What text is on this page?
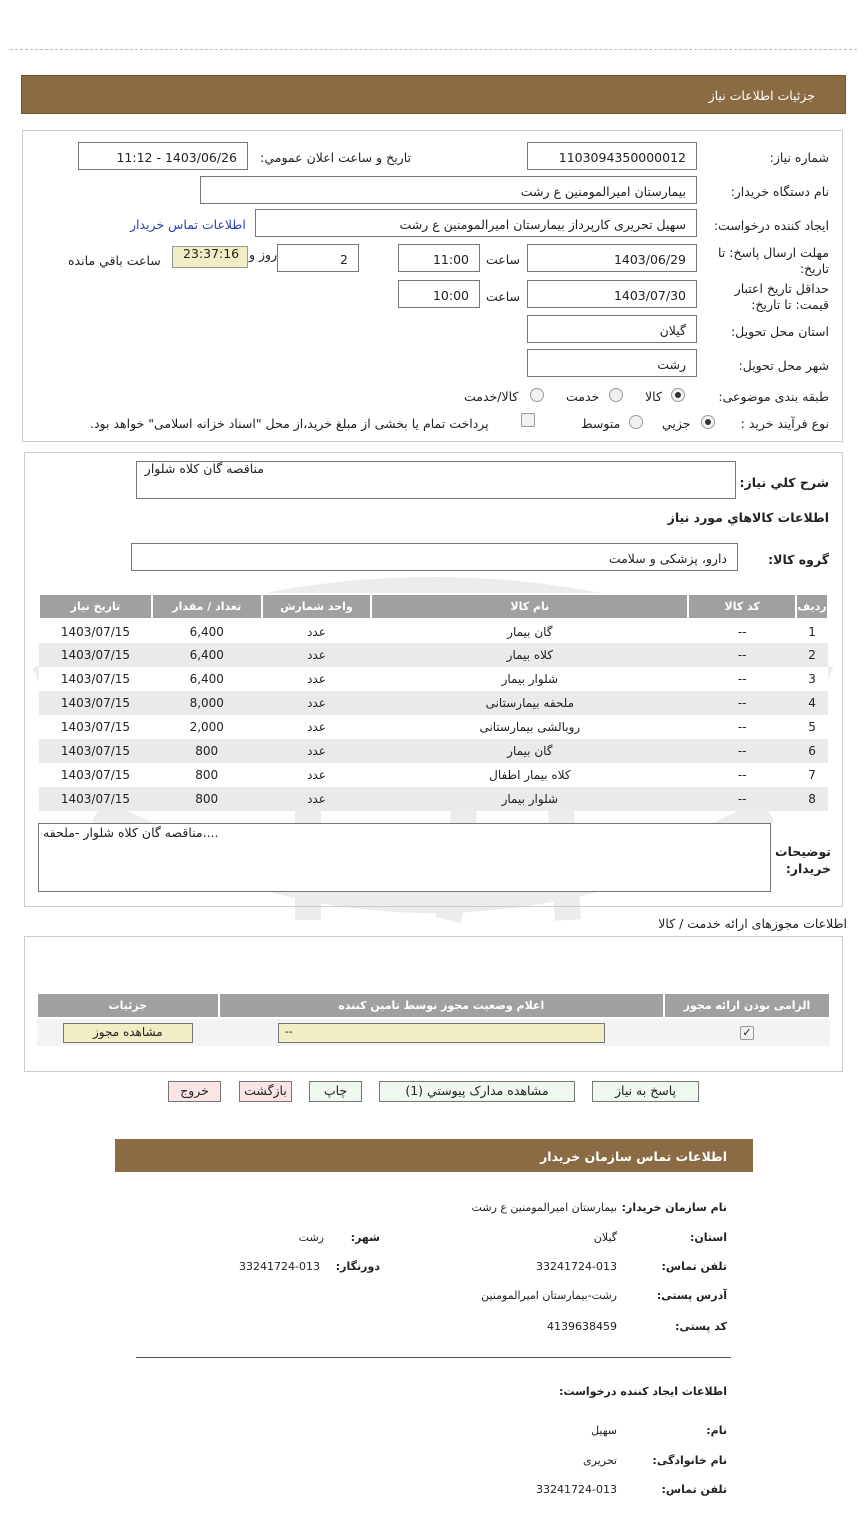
جزئیات اطلاعات نیاز
شماره نیاز:
1103094350000012
تاريخ و ساعت اعلان عمومي:
1403/06/26 - 11:12
نام دستگاه خريدار:
بیمارستان امیرالمومنین ع رشت
ايجاد کننده درخواست:
سهیل تحریری کارپرداز بیمارستان امیرالمومنین ع رشت
اطلاعات تماس خریدار
مهلت ارسال پاسخ: تا
تاريخ:
1403/06/29
ساعت
11:00
2
روز و
23:37:16
ساعت باقي مانده
حداقل تاريخ اعتبار
قيمت: تا تاريخ:
1403/07/30
ساعت
10:00
استان محل تحویل:
گیلان
شهر محل تحویل:
رشت
طبقه بندی موضوعی:
کالا
خدمت
کالا/خدمت
نوع فرآیند خرید :
جزيي
متوسط
پرداخت تمام يا بخشی از مبلغ خريد،از محل "اسناد خزانه اسلامی" خواهد بود.
شرح کلي نياز:
مناقصه گان کلاه شلوار
اطلاعات کالاهاي مورد نياز
گروه کالا:
دارو، پزشکی و سلامت
رديف	کد کالا	نام کالا	واحد شمارش	تعداد / مقدار	تاريخ نياز
1	--	گان بیمار	عدد	6,400	1403/07/15
2	--	کلاه بیمار	عدد	6,400	1403/07/15
3	--	شلوار بیمار	عدد	6,400	1403/07/15
4	--	ملحفه بیمارستانی	عدد	8,000	1403/07/15
5	--	روبالشی بیمارستانی	عدد	2,000	1403/07/15
6	--	گان بیمار	عدد	800	1403/07/15
7	--	کلاه بیمار اطفال	عدد	800	1403/07/15
8	--	شلوار بیمار	عدد	800	1403/07/15
توضیحات
خریدار:
....مناقصه گان کلاه شلوار -ملحفه
اطلاعات مجوزهای ارائه خدمت / کالا
الزامی بودن ارائه مجوز	اعلام وضعیت مجوز توسط تامین کننده	جزئیات
✓	--	مشاهده مجوز
پاسخ به نياز
مشاهده مدارک پيوستي (1)
چاپ
بازگشت
خروج
اطلاعات تماس سازمان خریدار
نام سازمان خریدار:
بیمارستان امیرالمومنین ع رشت
استان:
گیلان
شهر:
رشت
تلفن تماس:
33241724-013
دورنگار:
33241724-013
آدرس پستی:
رشت-بیمارستان امیرالمومنین
کد پستی:
4139638459
اطلاعات ایجاد کننده درخواست:
نام:
سهیل
نام خانوادگی:
تحریری
تلفن تماس:
33241724-013
